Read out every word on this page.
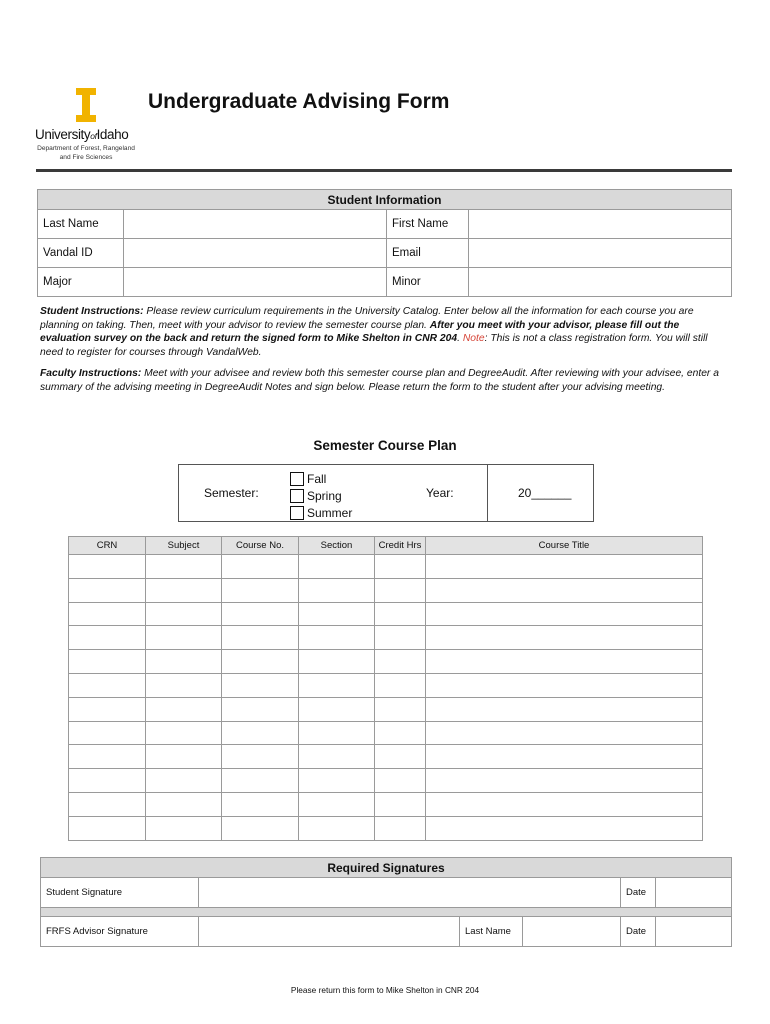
UniversityofIdaho
Department of Forest, Rangeland and Fire Sciences
Undergraduate Advising Form
Student Information			
Last Name		First Name	
Vandal ID		Email	
Major		Minor	
Student Instructions: Please review curriculum requirements in the University Catalog. Enter below all the information for each course you are planning on taking. Then, meet with your advisor to review the semester course plan. After you meet with your advisor, please fill out the evaluation survey on the back and return the signed form to Mike Shelton in CNR 204. Note: This is not a class registration form. You will still need to register for courses through VandalWeb.
Faculty Instructions: Meet with your advisee and review both this semester course plan and DegreeAudit. After reviewing with your advisee, enter a summary of the advising meeting in DegreeAudit Notes and sign below. Please return the form to the student after your advising meeting.
Semester Course Plan
Semester:
Fall
Spring
Summer
Year:	20______
CRN	Subject	Course No.	Section	Credit Hrs	Course Title

Required Signatures					
Student Signature				Date	

FRFS Advisor Signature		Last Name		Date	
Please return this form to Mike Shelton in CNR 204
